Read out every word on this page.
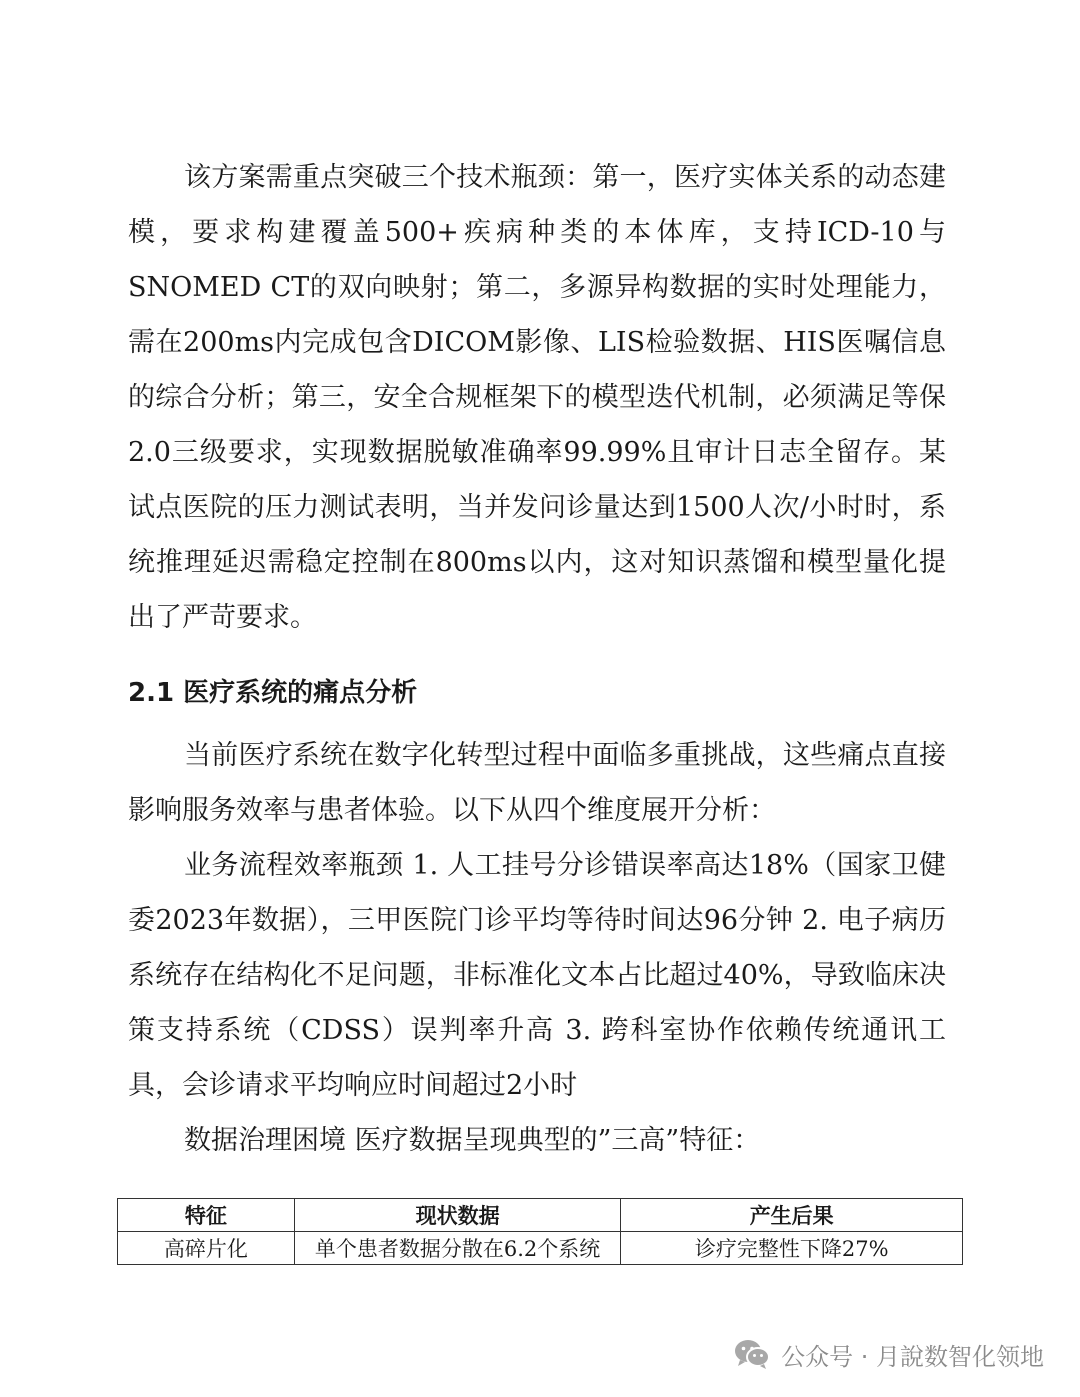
该方案需重点突破三个技术瓶颈：第一，医疗实体关系的动态建模，要求构建覆盖500+疾病种类的本体库，支持ICD-10与SNOMED CT的双向映射；第二，多源异构数据的实时处理能力，需在200ms内完成包含DICOM影像、LIS检验数据、HIS医嘱信息的综合分析；第三，安全合规框架下的模型迭代机制，必须满足等保2.0三级要求，实现数据脱敏准确率99.99%且审计日志全留存。某试点医院的压力测试表明，当并发问诊量达到1500人次/小时时，系统推理延迟需稳定控制在800ms以内，这对知识蒸馏和模型量化提出了严苛要求。

2.1 医疗系统的痛点分析

当前医疗系统在数字化转型过程中面临多重挑战，这些痛点直接影响服务效率与患者体验。以下从四个维度展开分析：

业务流程效率瓶颈 1. 人工挂号分诊错误率高达18%（国家卫健委2023年数据），三甲医院门诊平均等待时间达96分钟 2. 电子病历系统存在结构化不足问题，非标准化文本占比超过40%，导致临床决策支持系统（CDSS）误判率升高 3. 跨科室协作依赖传统通讯工具，会诊请求平均响应时间超过2小时

数据治理困境 医疗数据呈现典型的”三高”特征：

特征	现状数据	产生后果
高碎片化	单个患者数据分散在6.2个系统	诊疗完整性下降27%
公众号 · 月說数智化领地
